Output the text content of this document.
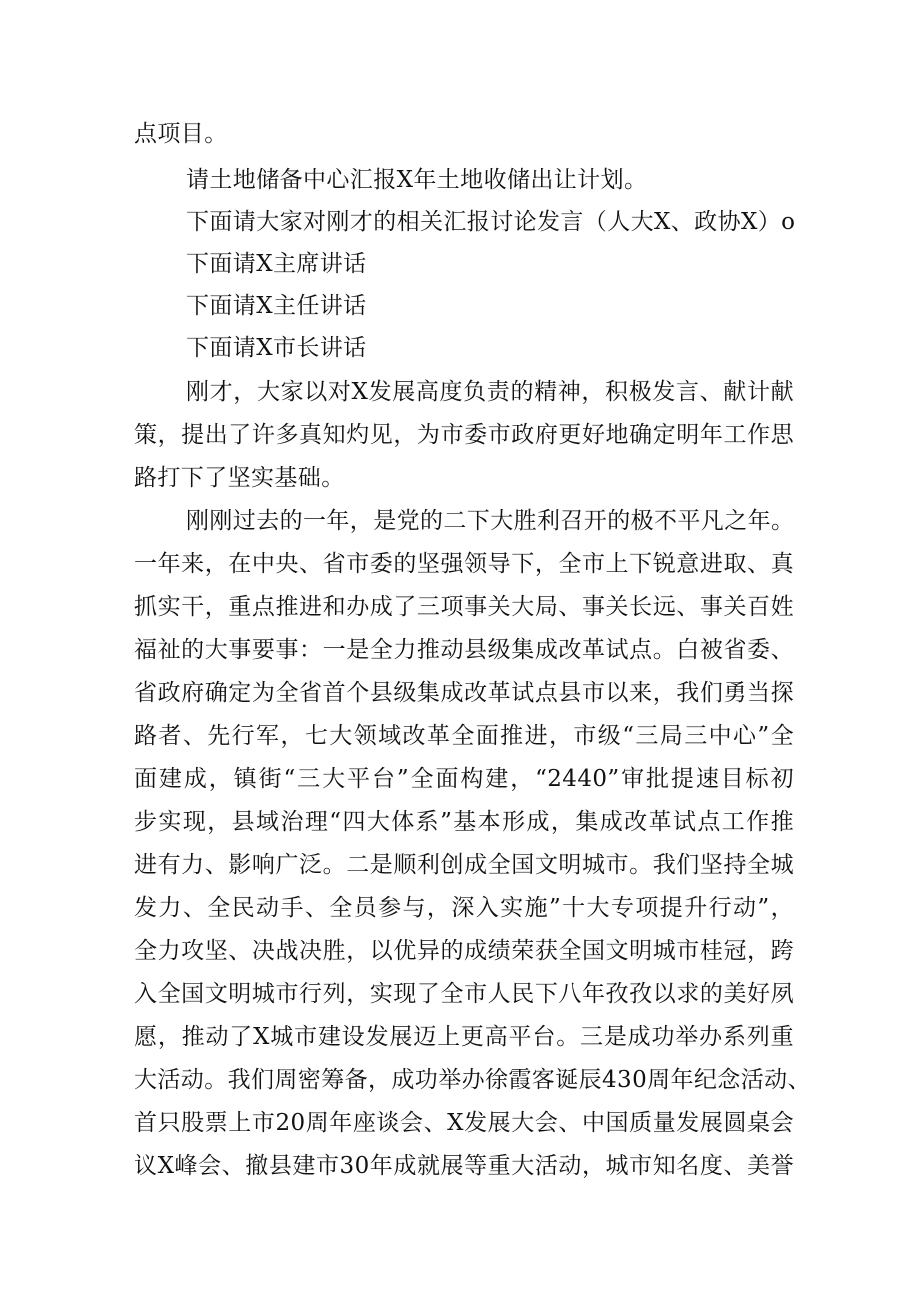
点项目。
请土地储备中心汇报X年土地收储出让计划。
下面请大家对刚才的相关汇报讨论发言（人大X、政协X）o
下面请X主席讲话
下面请X主任讲话
下面请X市长讲话
刚才，大家以对X发展高度负责的精神，积极发言、献计献
策，提出了许多真知灼见，为市委市政府更好地确定明年工作思
路打下了坚实基础。
刚刚过去的一年，是党的二下大胜利召开的极不平凡之年。
一年来，在中央、省市委的坚强领导下，全市上下锐意进取、真
抓实干，重点推进和办成了三项事关大局、事关长远、事关百姓
福祉的大事要事：一是全力推动县级集成改革试点。白被省委、
省政府确定为全省首个县级集成改革试点县市以来，我们勇当探
路者、先行军，七大领域改革全面推进，市级“三局三中心”全
面建成，镇街“三大平台”全面构建，“2440”审批提速目标初
步实现，县域治理“四大体系”基本形成，集成改革试点工作推
进有力、影响广泛。二是顺利创成全国文明城市。我们坚持全城
发力、全民动手、全员参与，深入实施”十大专项提升行动”，
全力攻坚、决战决胜，以优异的成绩荣获全国文明城市桂冠，跨
入全国文明城市行列，实现了全市人民下八年孜孜以求的美好夙
愿，推动了X城市建设发展迈上更高平台。三是成功举办系列重
大活动。我们周密筹备，成功举办徐霞客诞辰430周年纪念活动、
首只股票上市20周年座谈会、X发展大会、中国质量发展圆桌会
议X峰会、撤县建市30年成就展等重大活动，城市知名度、美誉
